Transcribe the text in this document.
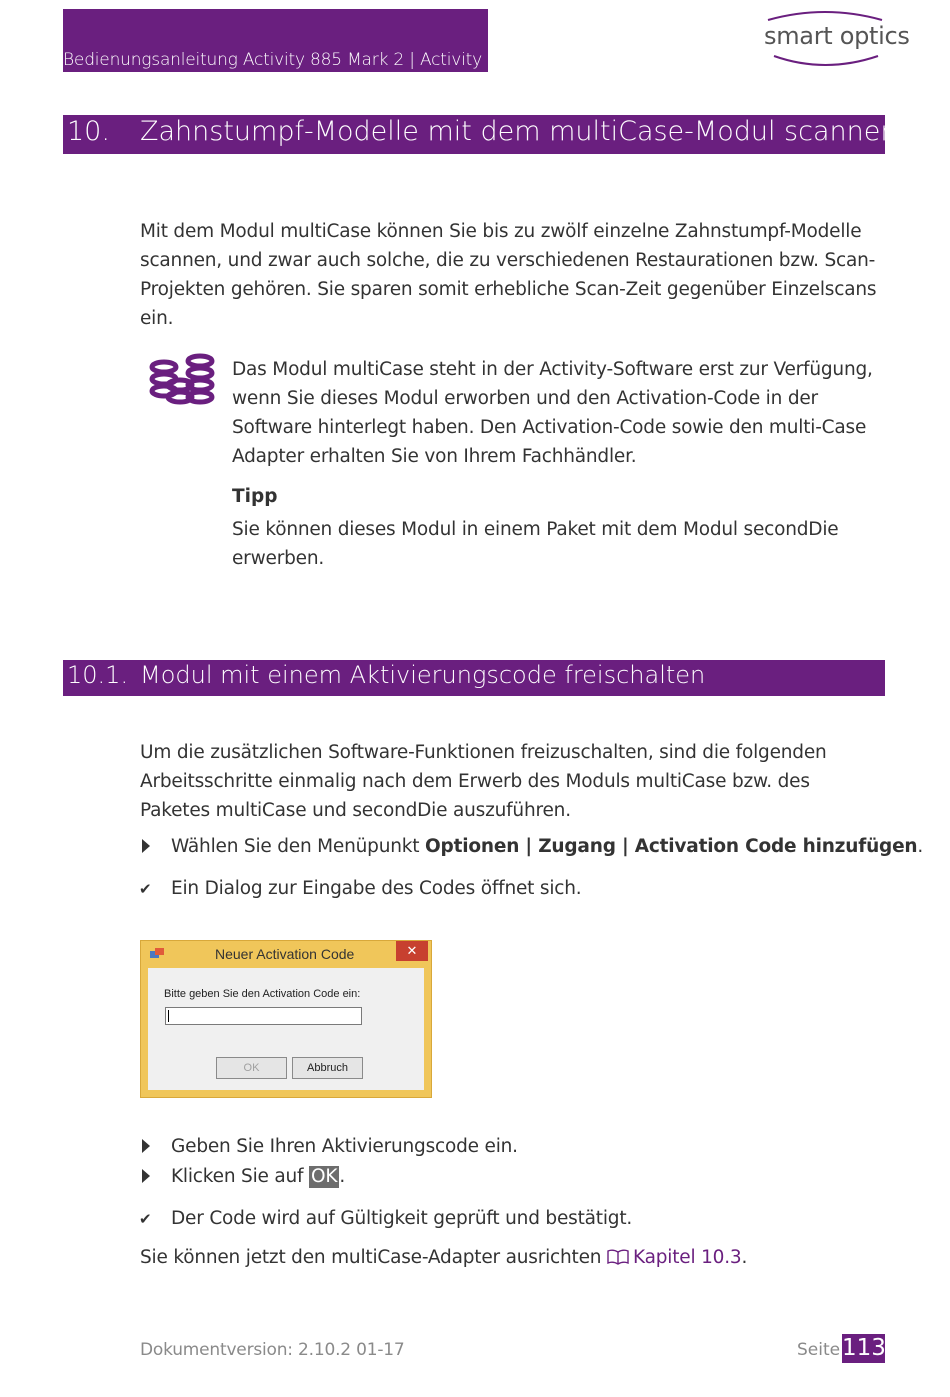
Bedienungsanleitung Activity 885 Mark 2 | Activity 888
smart optics
10. Zahnstumpf-Modelle mit dem multiCase-Modul scannen
Mit dem Modul multiCase können Sie bis zu zwölf einzelne Zahnstumpf-Modelle scannen, und zwar auch solche, die zu verschiedenen Restaurationen bzw. Scan-Projekten gehören. Sie sparen somit erhebliche Scan-Zeit gegenüber Einzelscans ein.
Das Modul multiCase steht in der Activity-Software erst zur Verfügung, wenn Sie dieses Modul erworben und den Activation-Code in der Software hinterlegt haben. Den Activation-Code sowie den multi-Case Adapter erhalten Sie von Ihrem Fachhändler.
Tipp
Sie können dieses Modul in einem Paket mit dem Modul secondDie erwerben.
10.1. Modul mit einem Aktivierungscode freischalten
Um die zusätzlichen Software-Funktionen freizuschalten, sind die folgenden Arbeitsschritte einmalig nach dem Erwerb des Moduls multiCase bzw. des Paketes multiCase und secondDie auszuführen.
Wählen Sie den Menüpunkt Optionen | Zugang | Activation Code hinzufügen.
✔ Ein Dialog zur Eingabe des Codes öffnet sich.
Neuer Activation Code	✕
Bitte geben Sie den Activation Code ein:
OK	Abbruch
Geben Sie Ihren Aktivierungscode ein.
Klicken Sie auf OK .
✔ Der Code wird auf Gültigkeit geprüft und bestätigt.
Sie können jetzt den multiCase-Adapter ausrichten Kapitel 10.3.
Dokumentversion: 2.10.2 01-17	Seite 113
